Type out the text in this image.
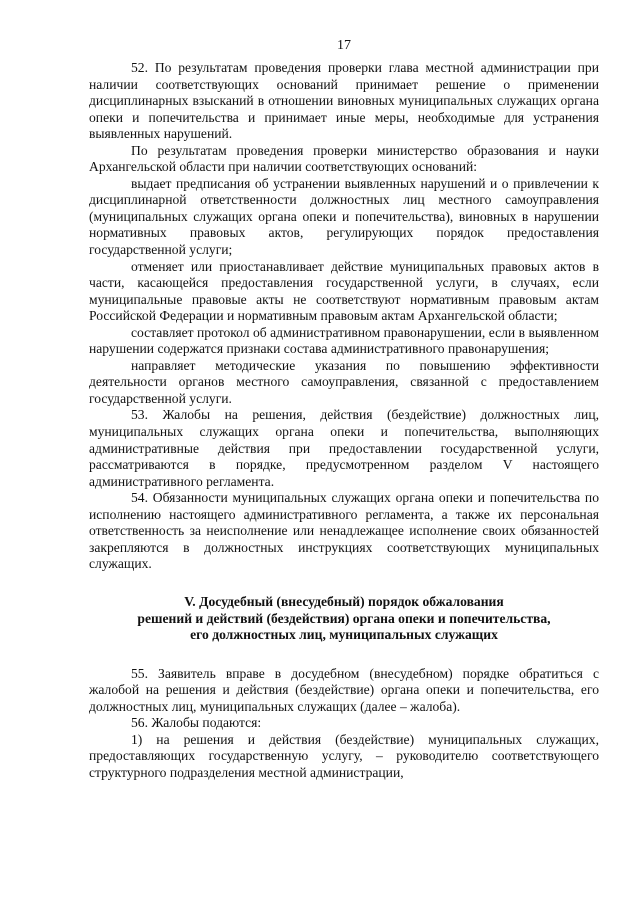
17

52. По результатам проведения проверки глава местной администрации при наличии соответствующих оснований принимает решение о применении дисциплинарных взысканий в отношении виновных муниципальных служащих органа опеки и попечительства и принимает иные меры, необходимые для устранения выявленных нарушений.

По результатам проведения проверки министерство образования и науки Архангельской области при наличии соответствующих оснований:

выдает предписания об устранении выявленных нарушений и о привлечении к дисциплинарной ответственности должностных лиц местного самоуправления (муниципальных служащих органа опеки и попечительства), виновных в нарушении нормативных правовых актов, регулирующих порядок предоставления государственной услуги;

отменяет или приостанавливает действие муниципальных правовых актов в части, касающейся предоставления государственной услуги, в случаях, если муниципальные правовые акты не соответствуют нормативным правовым актам Российской Федерации и нормативным правовым актам Архангельской области;

составляет протокол об административном правонарушении, если в выявленном нарушении содержатся признаки состава административного правонарушения;

направляет методические указания по повышению эффективности деятельности органов местного самоуправления, связанной с предоставлением государственной услуги.

53. Жалобы на решения, действия (бездействие) должностных лиц, муниципальных служащих органа опеки и попечительства, выполняющих административные действия при предоставлении государственной услуги, рассматриваются в порядке, предусмотренном разделом V настоящего административного регламента.

54. Обязанности муниципальных служащих органа опеки и попечительства по исполнению настоящего административного регламента, а также их персональная ответственность за неисполнение или ненадлежащее исполнение своих обязанностей закрепляются в должностных инструкциях соответствующих муниципальных служащих.

V. Досудебный (внесудебный) порядок обжалования
решений и действий (бездействия) органа опеки и попечительства,
его должностных лиц, муниципальных служащих

55. Заявитель вправе в досудебном (внесудебном) порядке обратиться с жалобой на решения и действия (бездействие) органа опеки и попечительства, его должностных лиц, муниципальных служащих (далее – жалоба).

56. Жалобы подаются:

1) на решения и действия (бездействие) муниципальных служащих, предоставляющих государственную услугу, – руководителю соответствующего структурного подразделения местной администрации,
